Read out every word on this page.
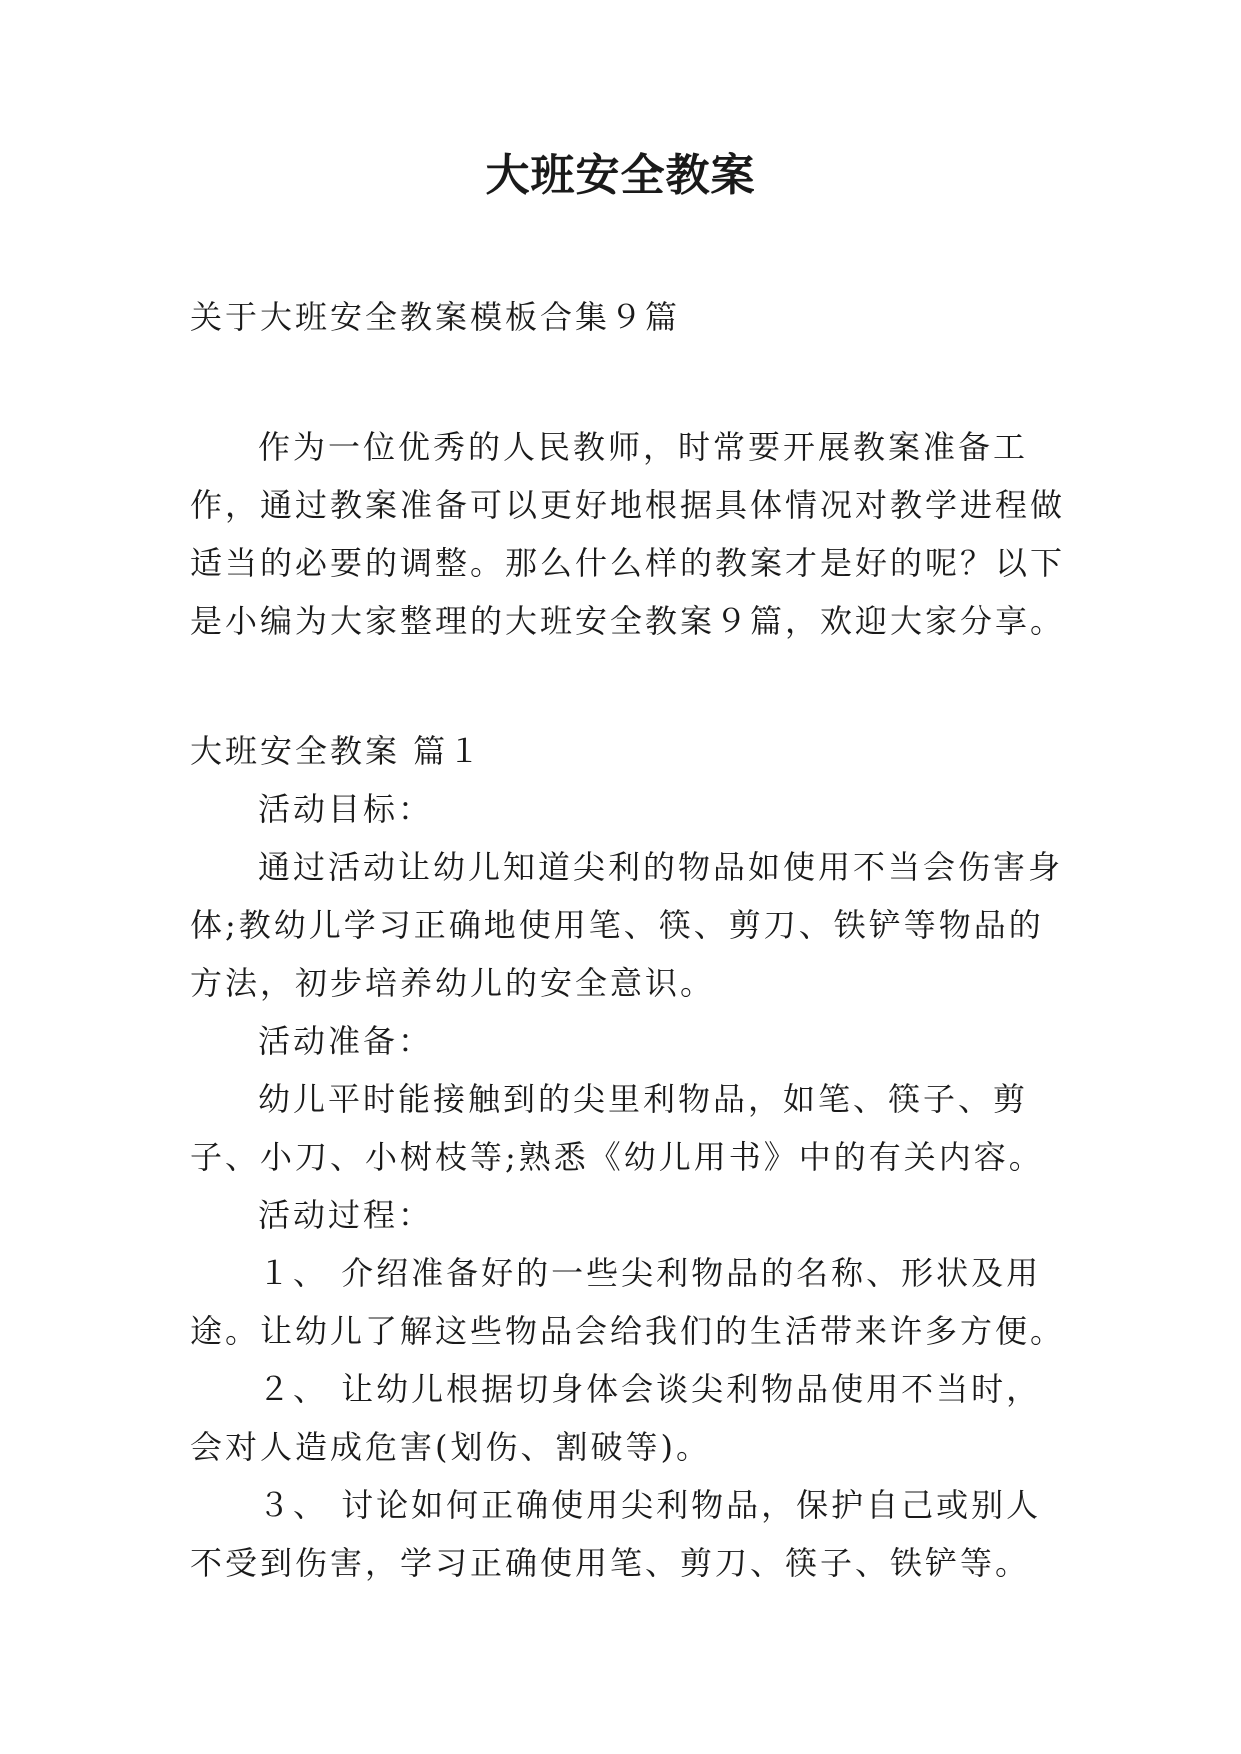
大班安全教案

关于大班安全教案模板合集９篇

作为一位优秀的人民教师，时常要开展教案准备工作，通过教案准备可以更好地根据具体情况对教学进程做适当的必要的调整。那么什么样的教案才是好的呢？以下是小编为大家整理的大班安全教案９篇，欢迎大家分享。

大班安全教案 篇１

活动目标：

通过活动让幼儿知道尖利的物品如使用不当会伤害身体;教幼儿学习正确地使用笔、筷、剪刀、铁铲等物品的方法，初步培养幼儿的安全意识。

活动准备：

幼儿平时能接触到的尖里利物品，如笔、筷子、剪子、小刀、小树枝等;熟悉《幼儿用书》中的有关内容。

活动过程：

１、 介绍准备好的一些尖利物品的名称、形状及用途。让幼儿了解这些物品会给我们的生活带来许多方便。

２、 让幼儿根据切身体会谈尖利物品使用不当时，会对人造成危害(划伤、割破等)。

３、 讨论如何正确使用尖利物品，保护自己或别人不受到伤害，学习正确使用笔、剪刀、筷子、铁铲等。
